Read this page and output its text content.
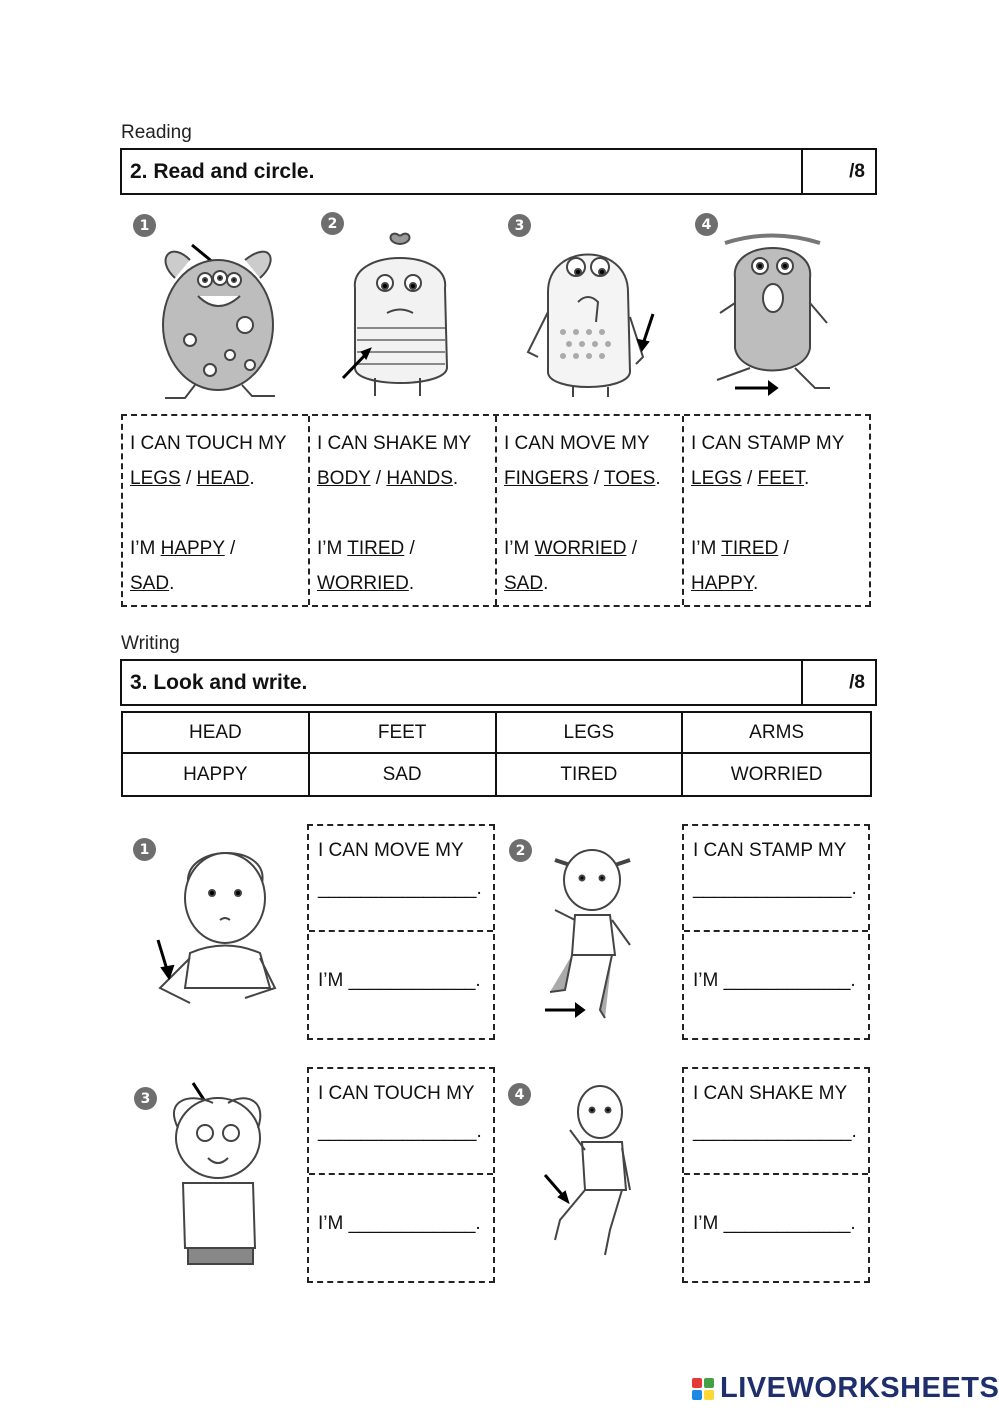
Reading
2. Read and circle.	/8
1	2	3	4
I CAN TOUCH MY
LEGS / HEAD.
I’M HAPPY /
SAD.
I CAN SHAKE MY
BODY / HANDS.
I’M TIRED /
WORRIED.
I CAN MOVE MY
FINGERS / TOES.
I’M WORRIED /
SAD.
I CAN STAMP MY
LEGS / FEET.
I’M TIRED /
HAPPY.
Writing
3. Look and write.	/8
HEAD	FEET	LEGS	ARMS
HAPPY	SAD	TIRED	WORRIED
1	2
3	4
I CAN MOVE MY
_______________.
I’M ____________.
I CAN STAMP MY
_______________.
I’M ____________.
I CAN TOUCH MY
_______________.
I’M ____________.
I CAN SHAKE MY
_______________.
I’M ____________.
LIVEWORKSHEETS
